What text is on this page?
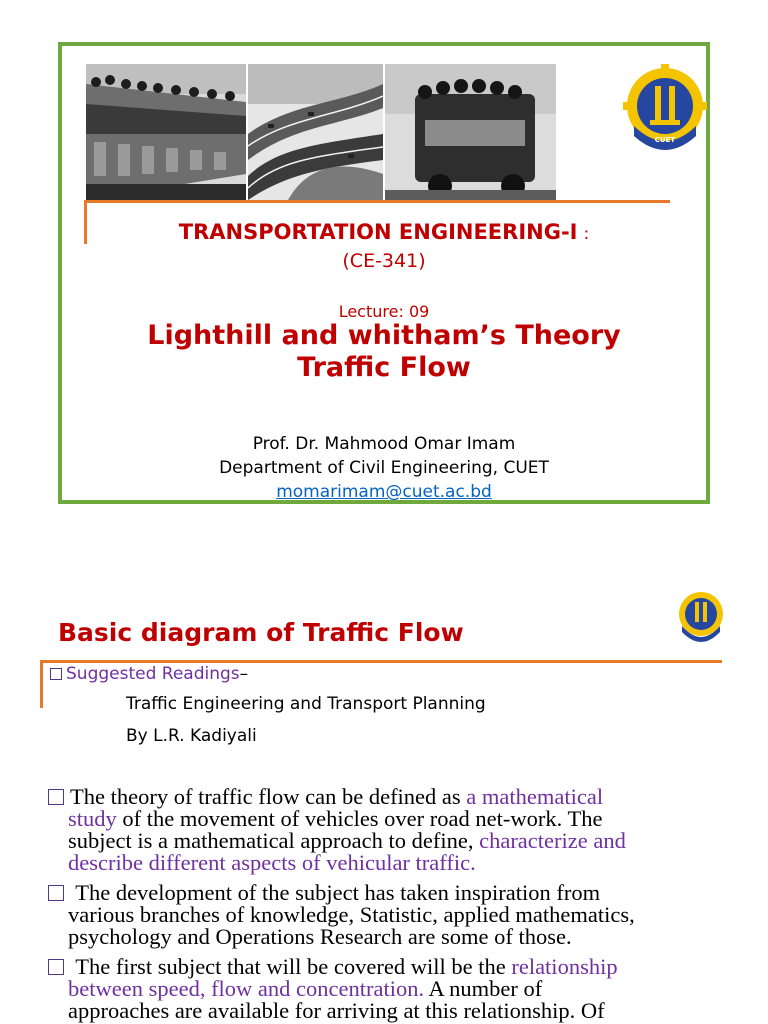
CUET
TRANSPORTATION ENGINEERING-I :
(CE-341)
Lecture: 09
Lighthill and whitham’s Theory
Traffic Flow
Prof. Dr. Mahmood Omar Imam
Department of Civil Engineering, CUET
momarimam@cuet.ac.bd
Basic diagram of Traffic Flow
Suggested Readings–
Traffic Engineering and Transport Planning
By L.R. Kadiyali
The theory of traffic flow can be defined as a mathematical
study of the movement of vehicles over road net-work. The
subject is a mathematical approach to define, characterize and
describe different aspects of vehicular traffic.
The development of the subject has taken inspiration from
various branches of knowledge, Statistic, applied mathematics,
psychology and Operations Research are some of those.
The first subject that will be covered will be the relationship
between speed, flow and concentration. A number of
approaches are available for arriving at this relationship. Of
